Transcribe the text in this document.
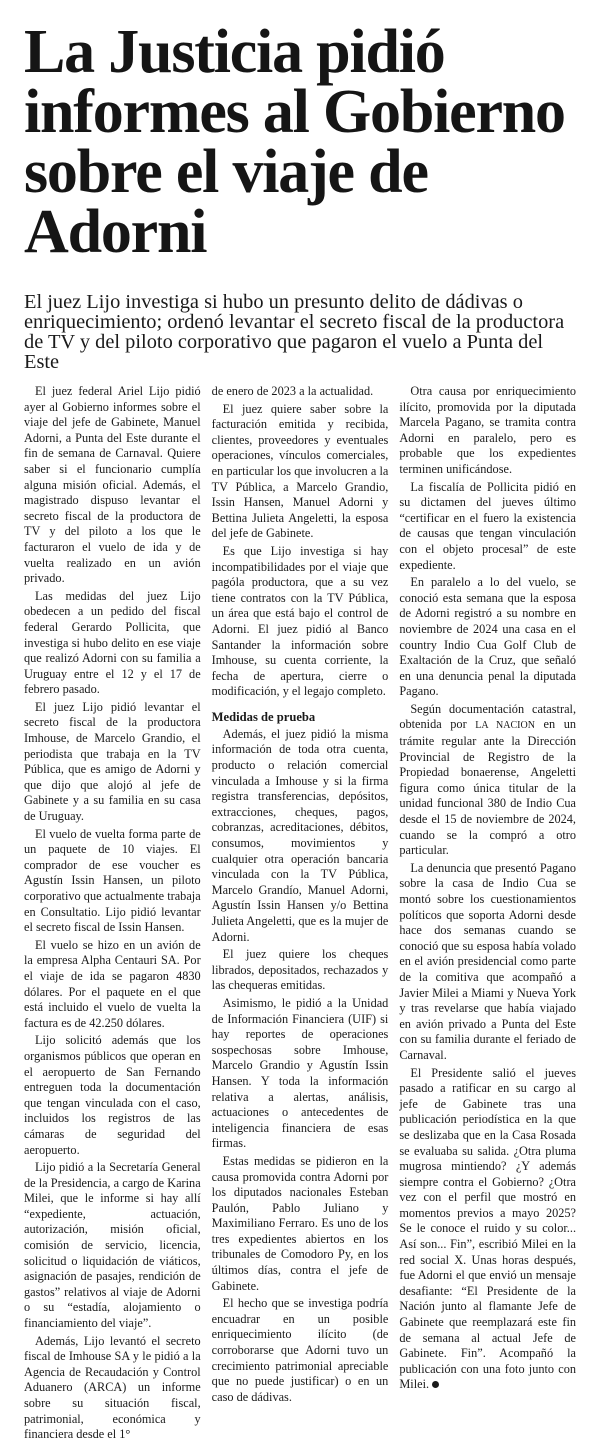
La Justicia pidió informes al Gobierno sobre el viaje de Adorni

El juez Lijo investiga si hubo un presunto delito de dádivas o enriquecimiento; ordenó levantar el secreto fiscal de la productora de TV y del piloto corporativo que pagaron el vuelo a Punta del Este

El juez federal Ariel Lijo pidió ayer al Gobierno informes sobre el viaje del jefe de Gabinete, Manuel Adorni, a Punta del Este durante el fin de semana de Carnaval. Quiere saber si el funcionario cumplía alguna misión oficial. Además, el magistrado dispuso levantar el secreto fiscal de la productora de TV y del piloto a los que le facturaron el vuelo de ida y de vuelta realizado en un avión privado.

Las medidas del juez Lijo obedecen a un pedido del fiscal federal Gerardo Pollicita, que investiga si hubo delito en ese viaje que realizó Adorni con su familia a Uruguay entre el 12 y el 17 de febrero pasado.

El juez Lijo pidió levantar el secreto fiscal de la productora Imhouse, de Marcelo Grandio, el periodista que trabaja en la TV Pública, que es amigo de Adorni y que dijo que alojó al jefe de Gabinete y a su familia en su casa de Uruguay.

El vuelo de vuelta forma parte de un paquete de 10 viajes. El comprador de ese voucher es Agustín Issin Hansen, un piloto corporativo que actualmente trabaja en Consultatio. Lijo pidió levantar el secreto fiscal de Issin Hansen.

El vuelo se hizo en un avión de la empresa Alpha Centauri SA. Por el viaje de ida se pagaron 4830 dólares. Por el paquete en el que está incluido el vuelo de vuelta la factura es de 42.250 dólares.

Lijo solicitó además que los organismos públicos que operan en el aeropuerto de San Fernando entreguen toda la documentación que tengan vinculada con el caso, incluidos los registros de las cámaras de seguridad del aeropuerto.

Lijo pidió a la Secretaría General de la Presidencia, a cargo de Karina Milei, que le informe si hay allí “expediente, actuación, autorización, misión oficial, comisión de servicio, licencia, solicitud o liquidación de viáticos, asignación de pasajes, rendición de gastos” relativos al viaje de Adorni o su “estadía, alojamiento o financiamiento del viaje”.

Además, Lijo levantó el secreto fiscal de Imhouse SA y le pidió a la Agencia de Recaudación y Control Aduanero (ARCA) un informe sobre su situación fiscal, patrimonial, económica y financiera desde el 1°

de enero de 2023 a la actualidad.

El juez quiere saber sobre la facturación emitida y recibida, clientes, proveedores y eventuales operaciones, vínculos comerciales, en particular los que involucren a la TV Pública, a Marcelo Grandio, Issin Hansen, Manuel Adorni y Bettina Julieta Angeletti, la esposa del jefe de Gabinete.

Es que Lijo investiga si hay incompatibilidades por el viaje que pagóla productora, que a su vez tiene contratos con la TV Pública, un área que está bajo el control de Adorni. El juez pidió al Banco Santander la información sobre Imhouse, su cuenta corriente, la fecha de apertura, cierre o modificación, y el legajo completo.

Medidas de prueba

Además, el juez pidió la misma información de toda otra cuenta, producto o relación comercial vinculada a Imhouse y si la firma registra transferencias, depósitos, extracciones, cheques, pagos, cobranzas, acreditaciones, débitos, consumos, movimientos y cualquier otra operación bancaria vinculada con la TV Pública, Marcelo Grandío, Manuel Adorni, Agustín Issin Hansen y/o Bettina Julieta Angeletti, que es la mujer de Adorni.

El juez quiere los cheques librados, depositados, rechazados y las chequeras emitidas.

Asimismo, le pidió a la Unidad de Información Financiera (UIF) si hay reportes de operaciones sospechosas sobre Imhouse, Marcelo Grandio y Agustín Issin Hansen. Y toda la información relativa a alertas, análisis, actuaciones o antecedentes de inteligencia financiera de esas firmas.

Estas medidas se pidieron en la causa promovida contra Adorni por los diputados nacionales Esteban Paulón, Pablo Juliano y Maximiliano Ferraro. Es uno de los tres expedientes abiertos en los tribunales de Comodoro Py, en los últimos días, contra el jefe de Gabinete.

El hecho que se investiga podría encuadrar en un posible enriquecimiento ilícito (de corroborarse que Adorni tuvo un crecimiento patrimonial apreciable que no puede justificar) o en un caso de dádivas.

Otra causa por enriquecimiento ilícito, promovida por la diputada Marcela Pagano, se tramita contra Adorni en paralelo, pero es probable que los expedientes terminen unificándose.

La fiscalía de Pollicita pidió en su dictamen del jueves último “certificar en el fuero la existencia de causas que tengan vinculación con el objeto procesal” de este expediente.

En paralelo a lo del vuelo, se conoció esta semana que la esposa de Adorni registró a su nombre en noviembre de 2024 una casa en el country Indio Cua Golf Club de Exaltación de la Cruz, que señaló en una denuncia penal la diputada Pagano.

Según documentación catastral, obtenida por LA NACION en un trámite regular ante la Dirección Provincial de Registro de la Propiedad bonaerense, Angeletti figura como única titular de la unidad funcional 380 de Indio Cua desde el 15 de noviembre de 2024, cuando se la compró a otro particular.

La denuncia que presentó Pagano sobre la casa de Indio Cua se montó sobre los cuestionamientos políticos que soporta Adorni desde hace dos semanas cuando se conoció que su esposa había volado en el avión presidencial como parte de la comitiva que acompañó a Javier Milei a Miami y Nueva York y tras revelarse que había viajado en avión privado a Punta del Este con su familia durante el feriado de Carnaval.

El Presidente salió el jueves pasado a ratificar en su cargo al jefe de Gabinete tras una publicación periodística en la que se deslizaba que en la Casa Rosada se evaluaba su salida. ¿Otra pluma mugrosa mintiendo? ¿Y además siempre contra el Gobierno? ¿Otra vez con el perfil que mostró en momentos previos a mayo 2025? Se le conoce el ruido y su color... Así son... Fin”, escribió Milei en la red social X. Unas horas después, fue Adorni el que envió un mensaje desafiante: “El Presidente de la Nación junto al flamante Jefe de Gabinete que reemplazará este fin de semana al actual Jefe de Gabinete. Fin”. Acompañó la publicación con una foto junto con Milei.
